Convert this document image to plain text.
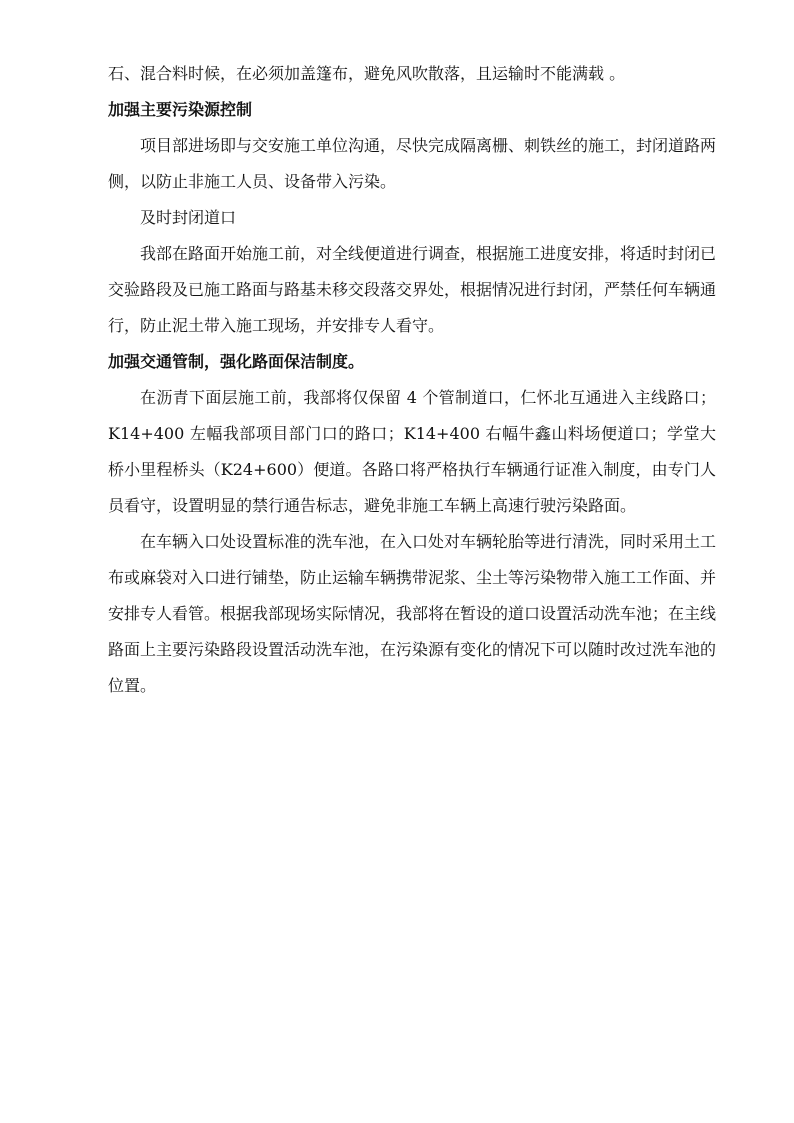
石、混合料时候，在必须加盖篷布，避免风吹散落，且运输时不能满载 。

加强主要污染源控制

项目部进场即与交安施工单位沟通，尽快完成隔离栅、刺铁丝的施工，封闭道路两侧，以防止非施工人员、设备带入污染。

及时封闭道口

我部在路面开始施工前，对全线便道进行调查，根据施工进度安排，将适时封闭已交验路段及已施工路面与路基未移交段落交界处，根据情况进行封闭，严禁任何车辆通行，防止泥土带入施工现场，并安排专人看守。

加强交通管制，强化路面保洁制度。

在沥青下面层施工前，我部将仅保留 4 个管制道口，仁怀北互通进入主线路口；K14+400 左幅我部项目部门口的路口；K14+400 右幅牛鑫山料场便道口；学堂大桥小里程桥头（K24+600）便道。各路口将严格执行车辆通行证准入制度，由专门人员看守，设置明显的禁行通告标志，避免非施工车辆上高速行驶污染路面。

在车辆入口处设置标准的洗车池，在入口处对车辆轮胎等进行清洗，同时采用土工布或麻袋对入口进行铺垫，防止运输车辆携带泥浆、尘土等污染物带入施工工作面、并安排专人看管。根据我部现场实际情况，我部将在暂设的道口设置活动洗车池；在主线路面上主要污染路段设置活动洗车池，在污染源有变化的情况下可以随时改过洗车池的位置。
